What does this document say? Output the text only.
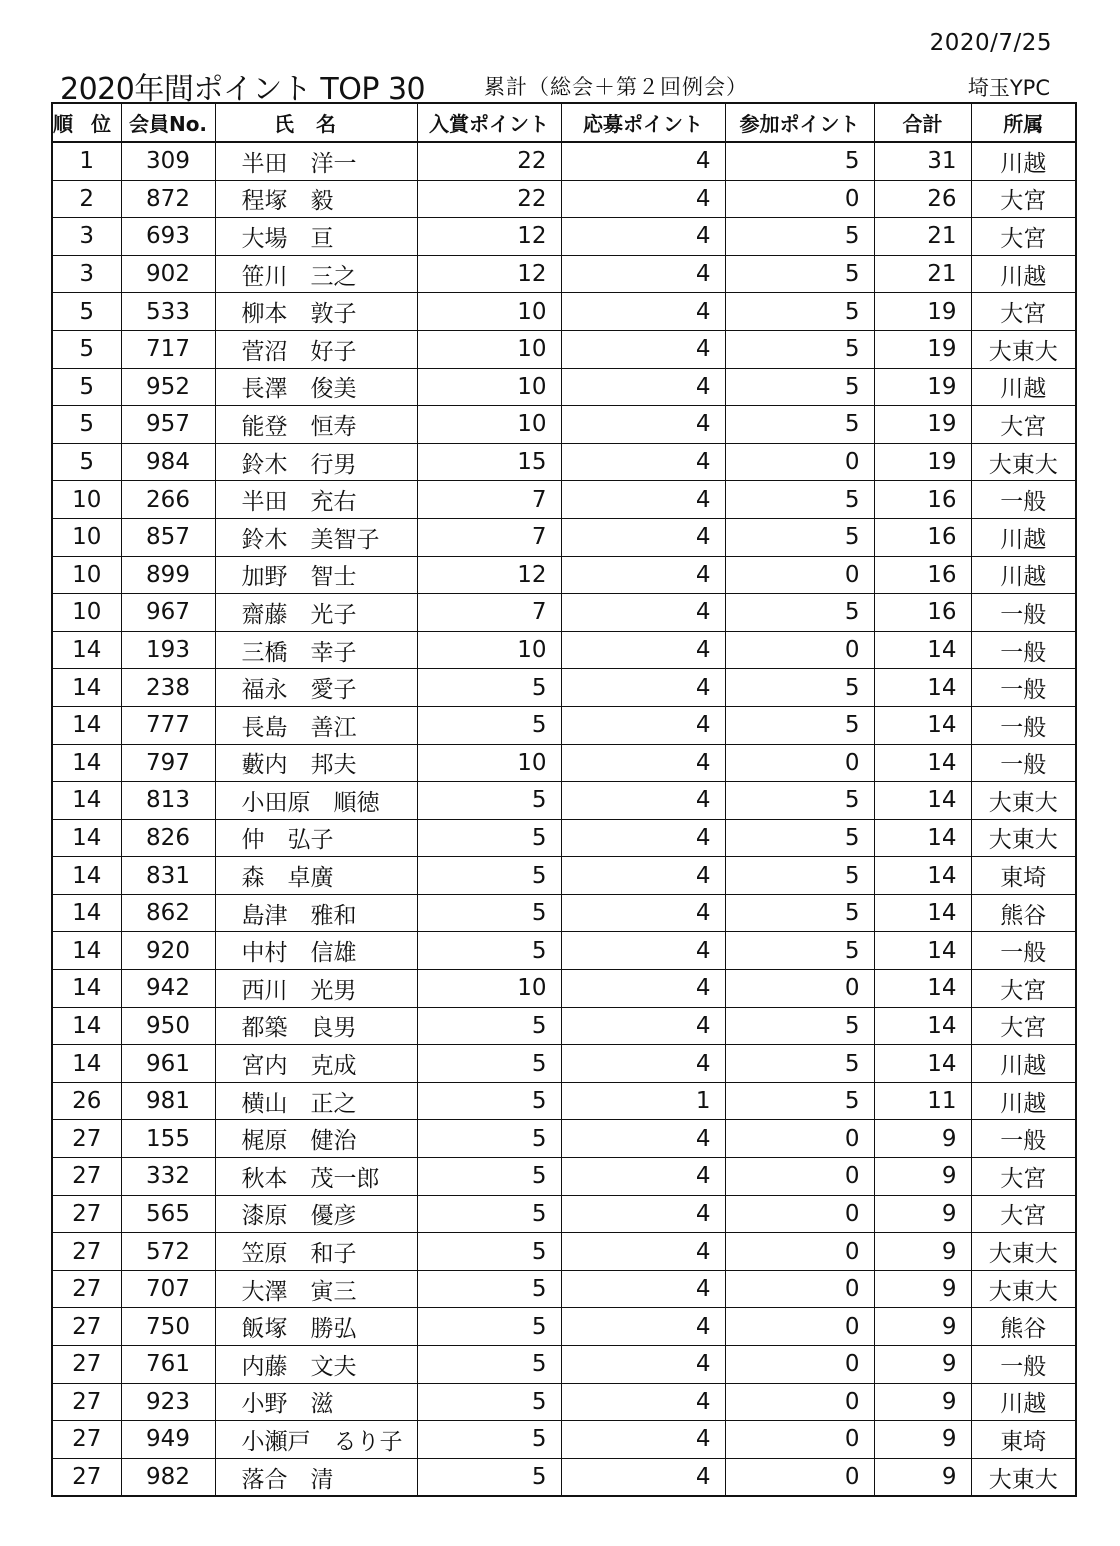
2020/7/25
2020年間ポイント TOP 30	累計（総会＋第２回例会）	埼玉YPC
順位	会員No.	氏名	入賞ポイント	応募ポイント	参加ポイント	合計	所属
1	309	半田　洋一	22	4	5	31	川越
2	872	程塚　毅	22	4	0	26	大宮
3	693	大場　亘	12	4	5	21	大宮
3	902	笹川　三之	12	4	5	21	川越
5	533	柳本　敦子	10	4	5	19	大宮
5	717	菅沼　好子	10	4	5	19	大東大
5	952	長澤　俊美	10	4	5	19	川越
5	957	能登　恒寿	10	4	5	19	大宮
5	984	鈴木　行男	15	4	0	19	大東大
10	266	半田　充右	7	4	5	16	一般
10	857	鈴木　美智子	7	4	5	16	川越
10	899	加野　智士	12	4	0	16	川越
10	967	齋藤　光子	7	4	5	16	一般
14	193	三橋　幸子	10	4	0	14	一般
14	238	福永　愛子	5	4	5	14	一般
14	777	長島　善江	5	4	5	14	一般
14	797	藪内　邦夫	10	4	0	14	一般
14	813	小田原　順徳	5	4	5	14	大東大
14	826	仲　弘子	5	4	5	14	大東大
14	831	森　卓廣	5	4	5	14	東埼
14	862	島津　雅和	5	4	5	14	熊谷
14	920	中村　信雄	5	4	5	14	一般
14	942	西川　光男	10	4	0	14	大宮
14	950	都築　良男	5	4	5	14	大宮
14	961	宮内　克成	5	4	5	14	川越
26	981	横山　正之	5	1	5	11	川越
27	155	梶原　健治	5	4	0	9	一般
27	332	秋本　茂一郎	5	4	0	9	大宮
27	565	漆原　優彦	5	4	0	9	大宮
27	572	笠原　和子	5	4	0	9	大東大
27	707	大澤　寅三	5	4	0	9	大東大
27	750	飯塚　勝弘	5	4	0	9	熊谷
27	761	内藤　文夫	5	4	0	9	一般
27	923	小野　滋	5	4	0	9	川越
27	949	小瀬戸　るり子	5	4	0	9	東埼
27	982	落合　清	5	4	0	9	大東大
